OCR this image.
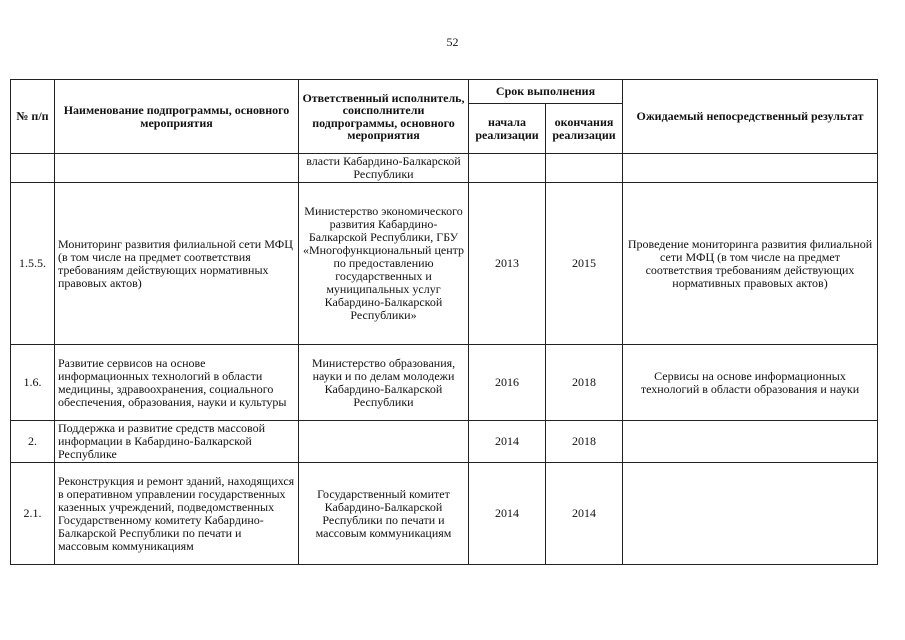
52
№ п/п	Наименование подпрограммы, основного мероприятия	Ответственный исполнитель, соисполнители подпрограммы, основного мероприятия	Срок выполнения		Ожидаемый непосредственный результат
			начала реализации	окончания реализации	
		власти Кабардино-Балкарской Республики			
1.5.5.	Мониторинг развития филиальной сети МФЦ (в том числе на предмет соответствия требованиям действующих нормативных правовых актов)	Министерство экономического развития Кабардино-Балкарской Республики, ГБУ «Многофункциональный центр по предоставлению государственных и муниципальных услуг Кабардино-Балкарской Республики»	2013	2015	Проведение мониторинга развития филиальной сети МФЦ (в том числе на предмет соответствия требованиям действующих нормативных правовых актов)
1.6.	Развитие сервисов на основе информационных технологий в области медицины, здравоохранения, социального обеспечения, образования, науки и культуры	Министерство образования, науки и по делам молодежи Кабардино-Балкарской Республики	2016	2018	Сервисы на основе информационных технологий в области образования и науки
2.	Поддержка и развитие средств массовой информации в Кабардино-Балкарской Республике		2014	2018	
2.1.	Реконструкция и ремонт зданий, находящихся в оперативном управлении государственных казенных учреждений, подведомственных Государственному комитету Кабардино-Балкарской Республики по печати и массовым коммуникациям	Государственный комитет Кабардино-Балкарской Республики по печати и массовым коммуникациям	2014	2014	
